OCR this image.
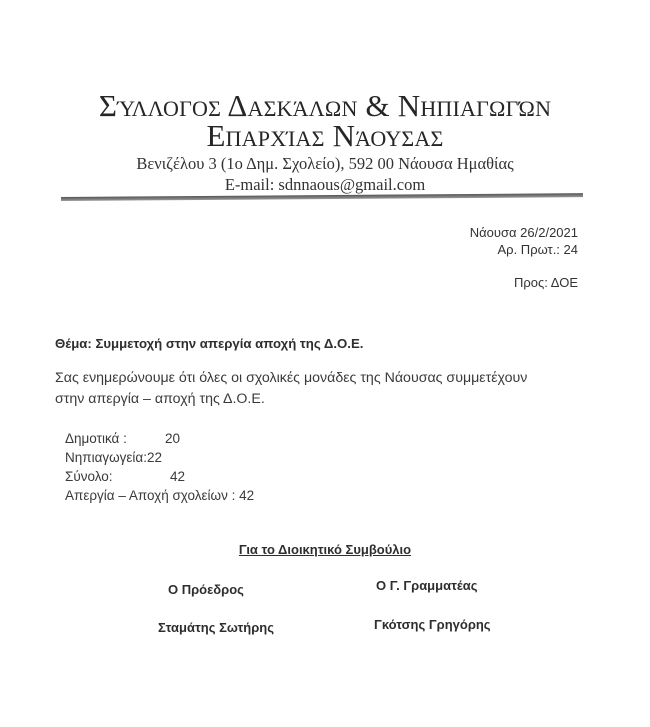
Σύλλογος Δασκάλων & Νηπιαγωγών
Επαρχίας Νάουσας
Βενιζέλου 3 (1ο Δημ. Σχολείο), 592 00 Νάουσα Ημαθίας
E-mail: sdnnaous@gmail.com
Νάουσα 26/2/2021
Αρ. Πρωτ.: 24
Προς: ΔΟΕ
Θέμα: Συμμετοχή στην απεργία αποχή της Δ.Ο.Ε.
Σας ενημερώνουμε ότι όλες οι σχολικές μονάδες της Νάουσας συμμετέχουν
στην απεργία – αποχή της Δ.Ο.Ε.
Δημοτικά :	20
Νηπιαγωγεία: 22
Σύνολο:	42
Απεργία – Αποχή σχολείων : 42
Για το Διοικητικό Συμβούλιο
Ο Πρόεδρος	Ο Γ. Γραμματέας
Σταμάτης Σωτήρης	Γκότσης Γρηγόρης
